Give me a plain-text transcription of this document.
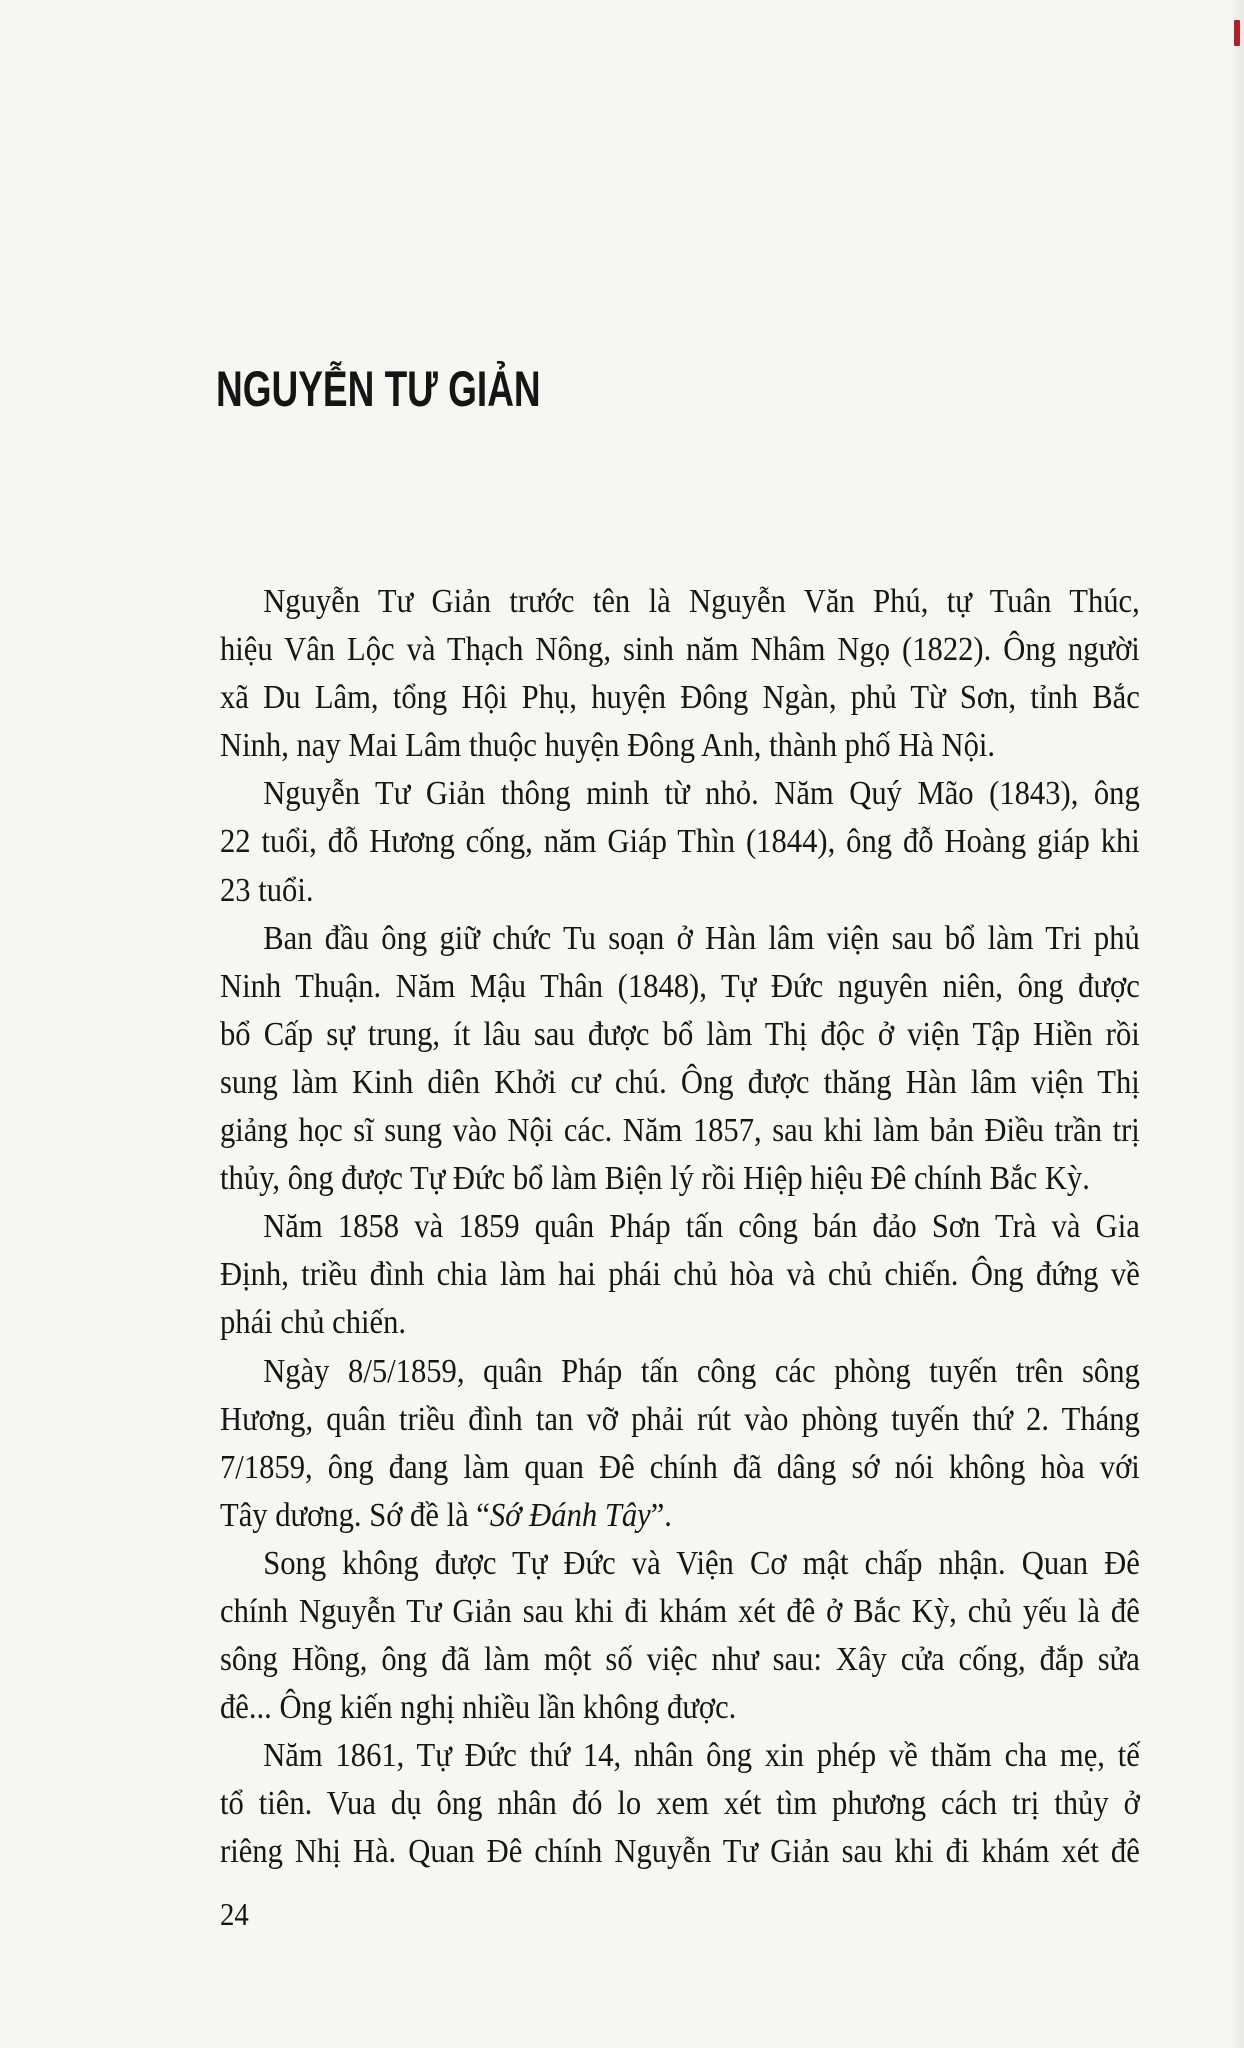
NGUYỄN TƯ GIẢN
Nguyễn Tư Giản trước tên là Nguyễn Văn Phú, tự Tuân Thúc,
hiệu Vân Lộc và Thạch Nông, sinh năm Nhâm Ngọ (1822). Ông người
xã Du Lâm, tổng Hội Phụ, huyện Đông Ngàn, phủ Từ Sơn, tỉnh Bắc
Ninh, nay Mai Lâm thuộc huyện Đông Anh, thành phố Hà Nội.
Nguyễn Tư Giản thông minh từ nhỏ. Năm Quý Mão (1843), ông
22 tuổi, đỗ Hương cống, năm Giáp Thìn (1844), ông đỗ Hoàng giáp khi
23 tuổi.
Ban đầu ông giữ chức Tu soạn ở Hàn lâm viện sau bổ làm Tri phủ
Ninh Thuận. Năm Mậu Thân (1848), Tự Đức nguyên niên, ông được
bổ Cấp sự trung, ít lâu sau được bổ làm Thị độc ở viện Tập Hiền rồi
sung làm Kinh diên Khởi cư chú. Ông được thăng Hàn lâm viện Thị
giảng học sĩ sung vào Nội các. Năm 1857, sau khi làm bản Điều trần trị
thủy, ông được Tự Đức bổ làm Biện lý rồi Hiệp hiệu Đê chính Bắc Kỳ.
Năm 1858 và 1859 quân Pháp tấn công bán đảo Sơn Trà và Gia
Định, triều đình chia làm hai phái chủ hòa và chủ chiến. Ông đứng về
phái chủ chiến.
Ngày 8/5/1859, quân Pháp tấn công các phòng tuyến trên sông
Hương, quân triều đình tan vỡ phải rút vào phòng tuyến thứ 2. Tháng
7/1859, ông đang làm quan Đê chính đã dâng sớ nói không hòa với
Tây dương. Sớ đề là “Sớ Đánh Tây”.
Song không được Tự Đức và Viện Cơ mật chấp nhận. Quan Đê
chính Nguyễn Tư Giản sau khi đi khám xét đê ở Bắc Kỳ, chủ yếu là đê
sông Hồng, ông đã làm một số việc như sau: Xây cửa cống, đắp sửa
đê... Ông kiến nghị nhiều lần không được.
Năm 1861, Tự Đức thứ 14, nhân ông xin phép về thăm cha mẹ, tế
tổ tiên. Vua dụ ông nhân đó lo xem xét tìm phương cách trị thủy ở
riêng Nhị Hà. Quan Đê chính Nguyễn Tư Giản sau khi đi khám xét đê
24
